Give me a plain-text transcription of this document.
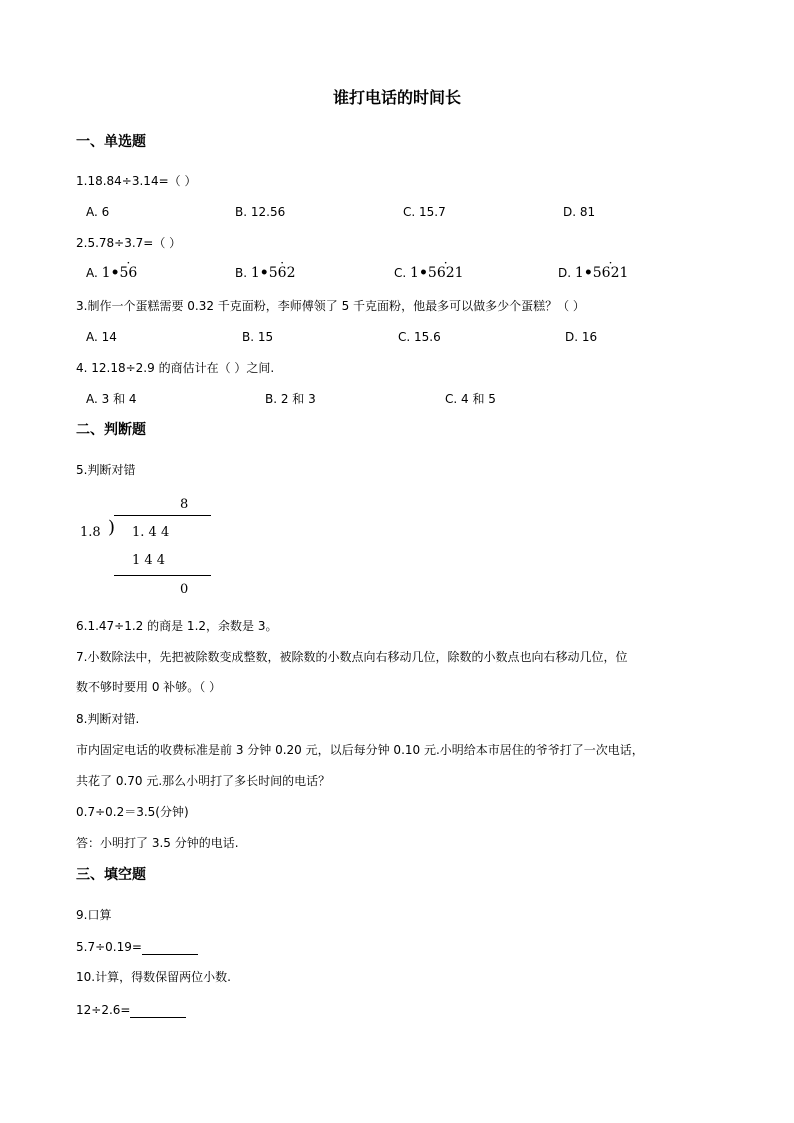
谁打电话的时间长
一、单选题
1.18.84÷3.14=（ ）
A. 6	B. 12.56	C. 15.7	D. 81
2.5.78÷3.7=（ ）
A. 1•· 56	B. 1•· 562	C. 1•· 5621	D. 1•· 5621
3.制作一个蛋糕需要 0.32 千克面粉，李师傅领了 5 千克面粉，他最多可以做多少个蛋糕？（ ）
A. 14	B. 15	C. 15.6	D. 16
4. 12.18÷2.9 的商估计在（ ）之间.
A. 3 和 4	B. 2 和 3	C. 4 和 5
二、判断题
5.判断对错
8
1.8 ) 1. 4 4
1 4 4
0
6.1.47÷1.2 的商是 1.2，余数是 3。
7.小数除法中，先把被除数变成整数，被除数的小数点向右移动几位，除数的小数点也向右移动几位，位
数不够时要用 0 补够。（ ）
8.判断对错.
市内固定电话的收费标准是前 3 分钟 0.20 元，以后每分钟 0.10 元.小明给本市居住的爷爷打了一次电话，
共花了 0.70 元.那么小明打了多长时间的电话？
0.7÷0.2＝3.5(分钟)
答：小明打了 3.5 分钟的电话.
三、填空题
9.口算
5.7÷0.19=
10.计算，得数保留两位小数.
12÷2.6=
